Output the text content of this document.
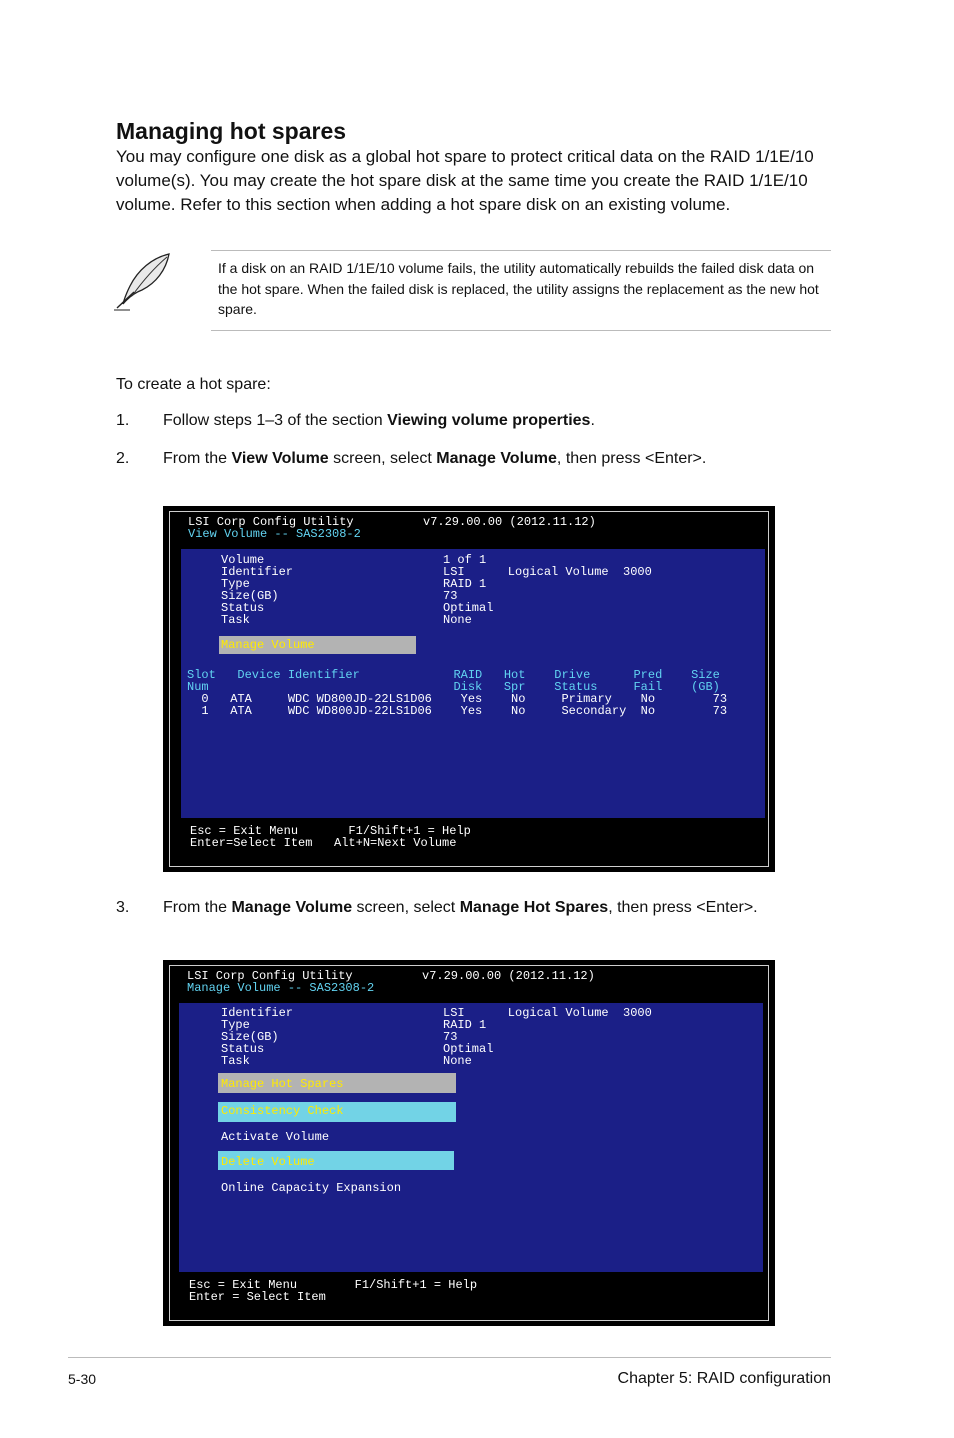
Managing hot spares
You may configure one disk as a global hot spare to protect critical data on the RAID 1/1E/10 volume(s). You may create the hot spare disk at the same time you create the RAID 1/1E/10 volume. Refer to this section when adding a hot spare disk on an existing volume.
If a disk on an RAID 1/1E/10 volume fails, the utility automatically rebuilds the failed disk data on the hot spare. When the failed disk is replaced, the utility assigns the replacement as the new hot spare.
To create a hot spare:
1. Follow steps 1–3 of the section Viewing volume properties.
2. From the View Volume screen, select Manage Volume, then press <Enter>.
LSI Corp Config Utility	v7.29.00.00 (2012.11.12)
View Volume -- SAS2308-2
Volume	1 of 1
Identifier	LSI      Logical Volume  3000
Type	RAID 1
Size(GB)	73
Status	Optimal
Task	None
Manage Volume
Slot   Device Identifier             RAID   Hot    Drive      Pred    Size
Num                                  Disk   Spr    Status     Fail    (GB)
0   ATA     WDC WD800JD-22LS1D06    Yes    No     Primary    No        73
1   ATA     WDC WD800JD-22LS1D06    Yes    No     Secondary  No        73
Esc = Exit Menu       F1/Shift+1 = Help
Enter=Select Item   Alt+N=Next Volume
3. From the Manage Volume screen, select Manage Hot Spares, then press <Enter>.
LSI Corp Config Utility	v7.29.00.00 (2012.11.12)
Manage Volume -- SAS2308-2
Identifier	LSI      Logical Volume  3000
Type	RAID 1
Size(GB)	73
Status	Optimal
Task	None
Manage Hot Spares
Consistency Check
Activate Volume
Delete Volume
Online Capacity Expansion
Esc = Exit Menu        F1/Shift+1 = Help
Enter = Select Item
5-30	Chapter 5: RAID configuration
